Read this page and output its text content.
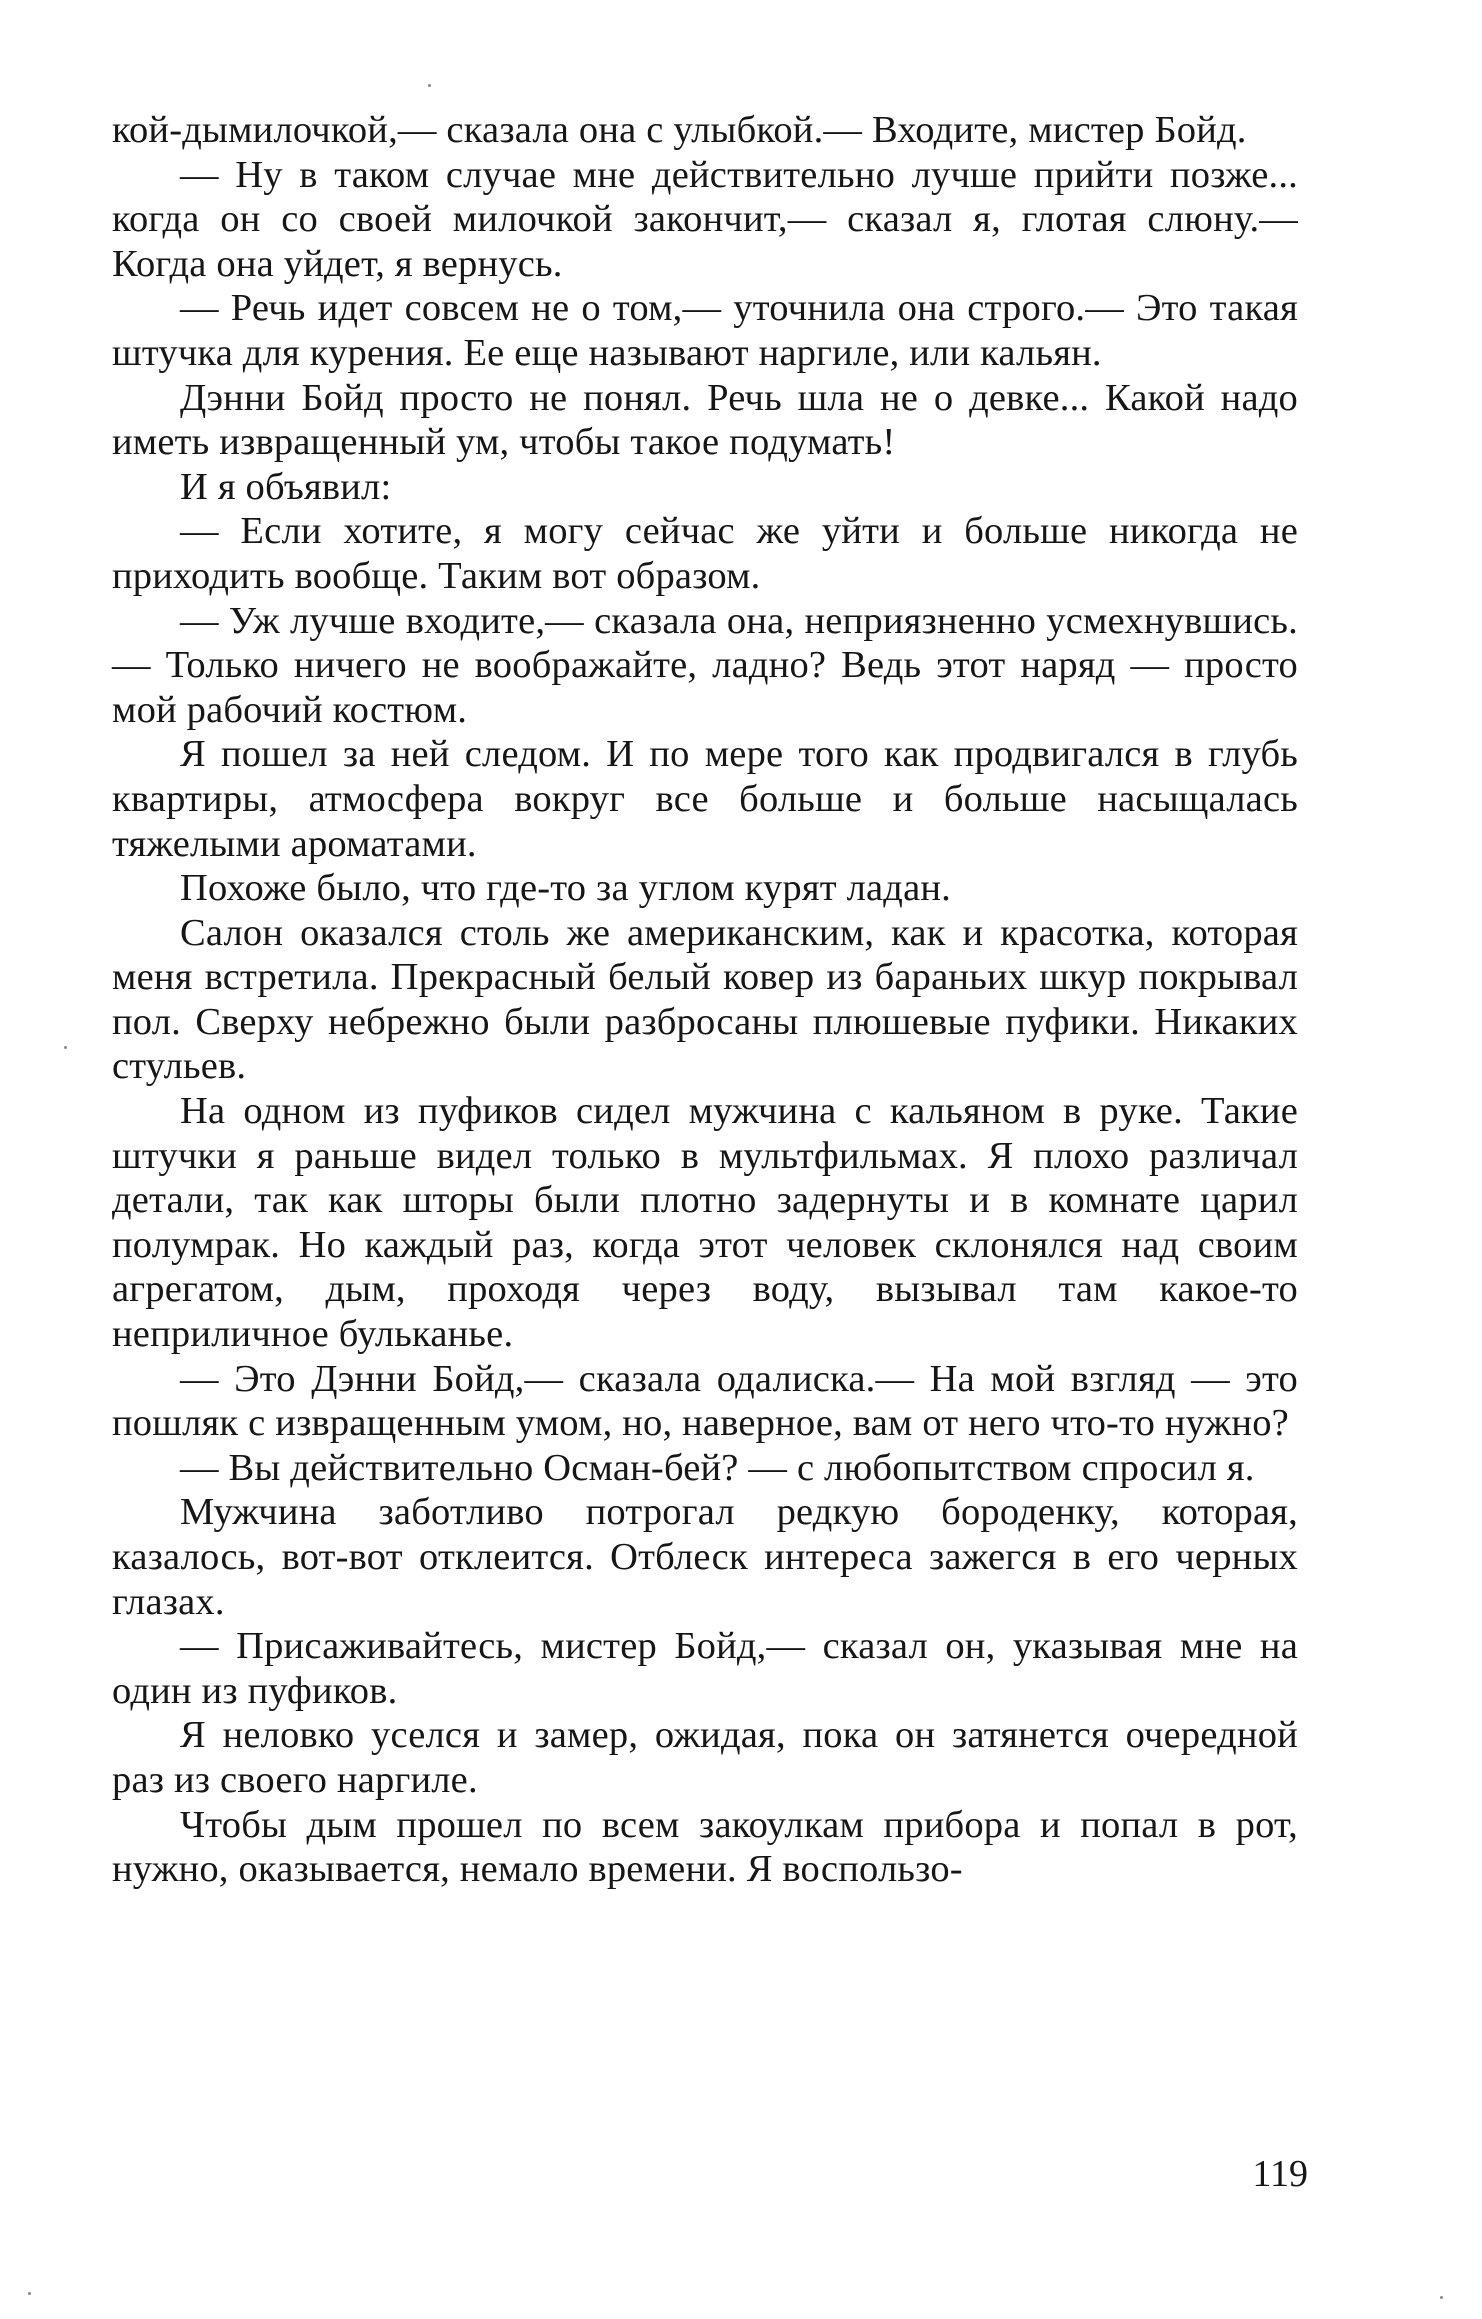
кой-дымилочкой,— сказала она с улыбкой.— Входите, мистер Бойд.

— Ну в таком случае мне действительно лучше прийти позже... когда он со своей милочкой закончит,— сказал я, глотая слюну.— Когда она уйдет, я вернусь.

— Речь идет совсем не о том,— уточнила она строго.— Это такая штучка для курения. Ее еще называют наргиле, или кальян.

Дэнни Бойд просто не понял. Речь шла не о девке... Какой надо иметь извращенный ум, чтобы такое подумать!

И я объявил:

— Если хотите, я могу сейчас же уйти и больше никогда не приходить вообще. Таким вот образом.

— Уж лучше входите,— сказала она, неприязненно усмехнувшись.— Только ничего не воображайте, ладно? Ведь этот наряд — просто мой рабочий костюм.

Я пошел за ней следом. И по мере того как продвигался в глубь квартиры, атмосфера вокруг все больше и больше насыщалась тяжелыми ароматами.

Похоже было, что где-то за углом курят ладан.

Салон оказался столь же американским, как и красотка, которая меня встретила. Прекрасный белый ковер из бараньих шкур покрывал пол. Сверху небрежно были разбросаны плюшевые пуфики. Никаких стульев.

На одном из пуфиков сидел мужчина с кальяном в руке. Такие штучки я раньше видел только в мультфильмах. Я плохо различал детали, так как шторы были плотно задернуты и в комнате царил полумрак. Но каждый раз, когда этот человек склонялся над своим агрегатом, дым, проходя через воду, вызывал там какое-то неприличное бульканье.

— Это Дэнни Бойд,— сказала одалиска.— На мой взгляд — это пошляк с извращенным умом, но, наверное, вам от него что-то нужно?

— Вы действительно Осман-бей? — с любопытством спросил я.

Мужчина заботливо потрогал редкую бороденку, которая, казалось, вот-вот отклеится. Отблеск интереса зажегся в его черных глазах.

— Присаживайтесь, мистер Бойд,— сказал он, указывая мне на один из пуфиков.

Я неловко уселся и замер, ожидая, пока он затянется очередной раз из своего наргиле.

Чтобы дым прошел по всем закоулкам прибора и попал в рот, нужно, оказывается, немало времени. Я воспользо-

119
